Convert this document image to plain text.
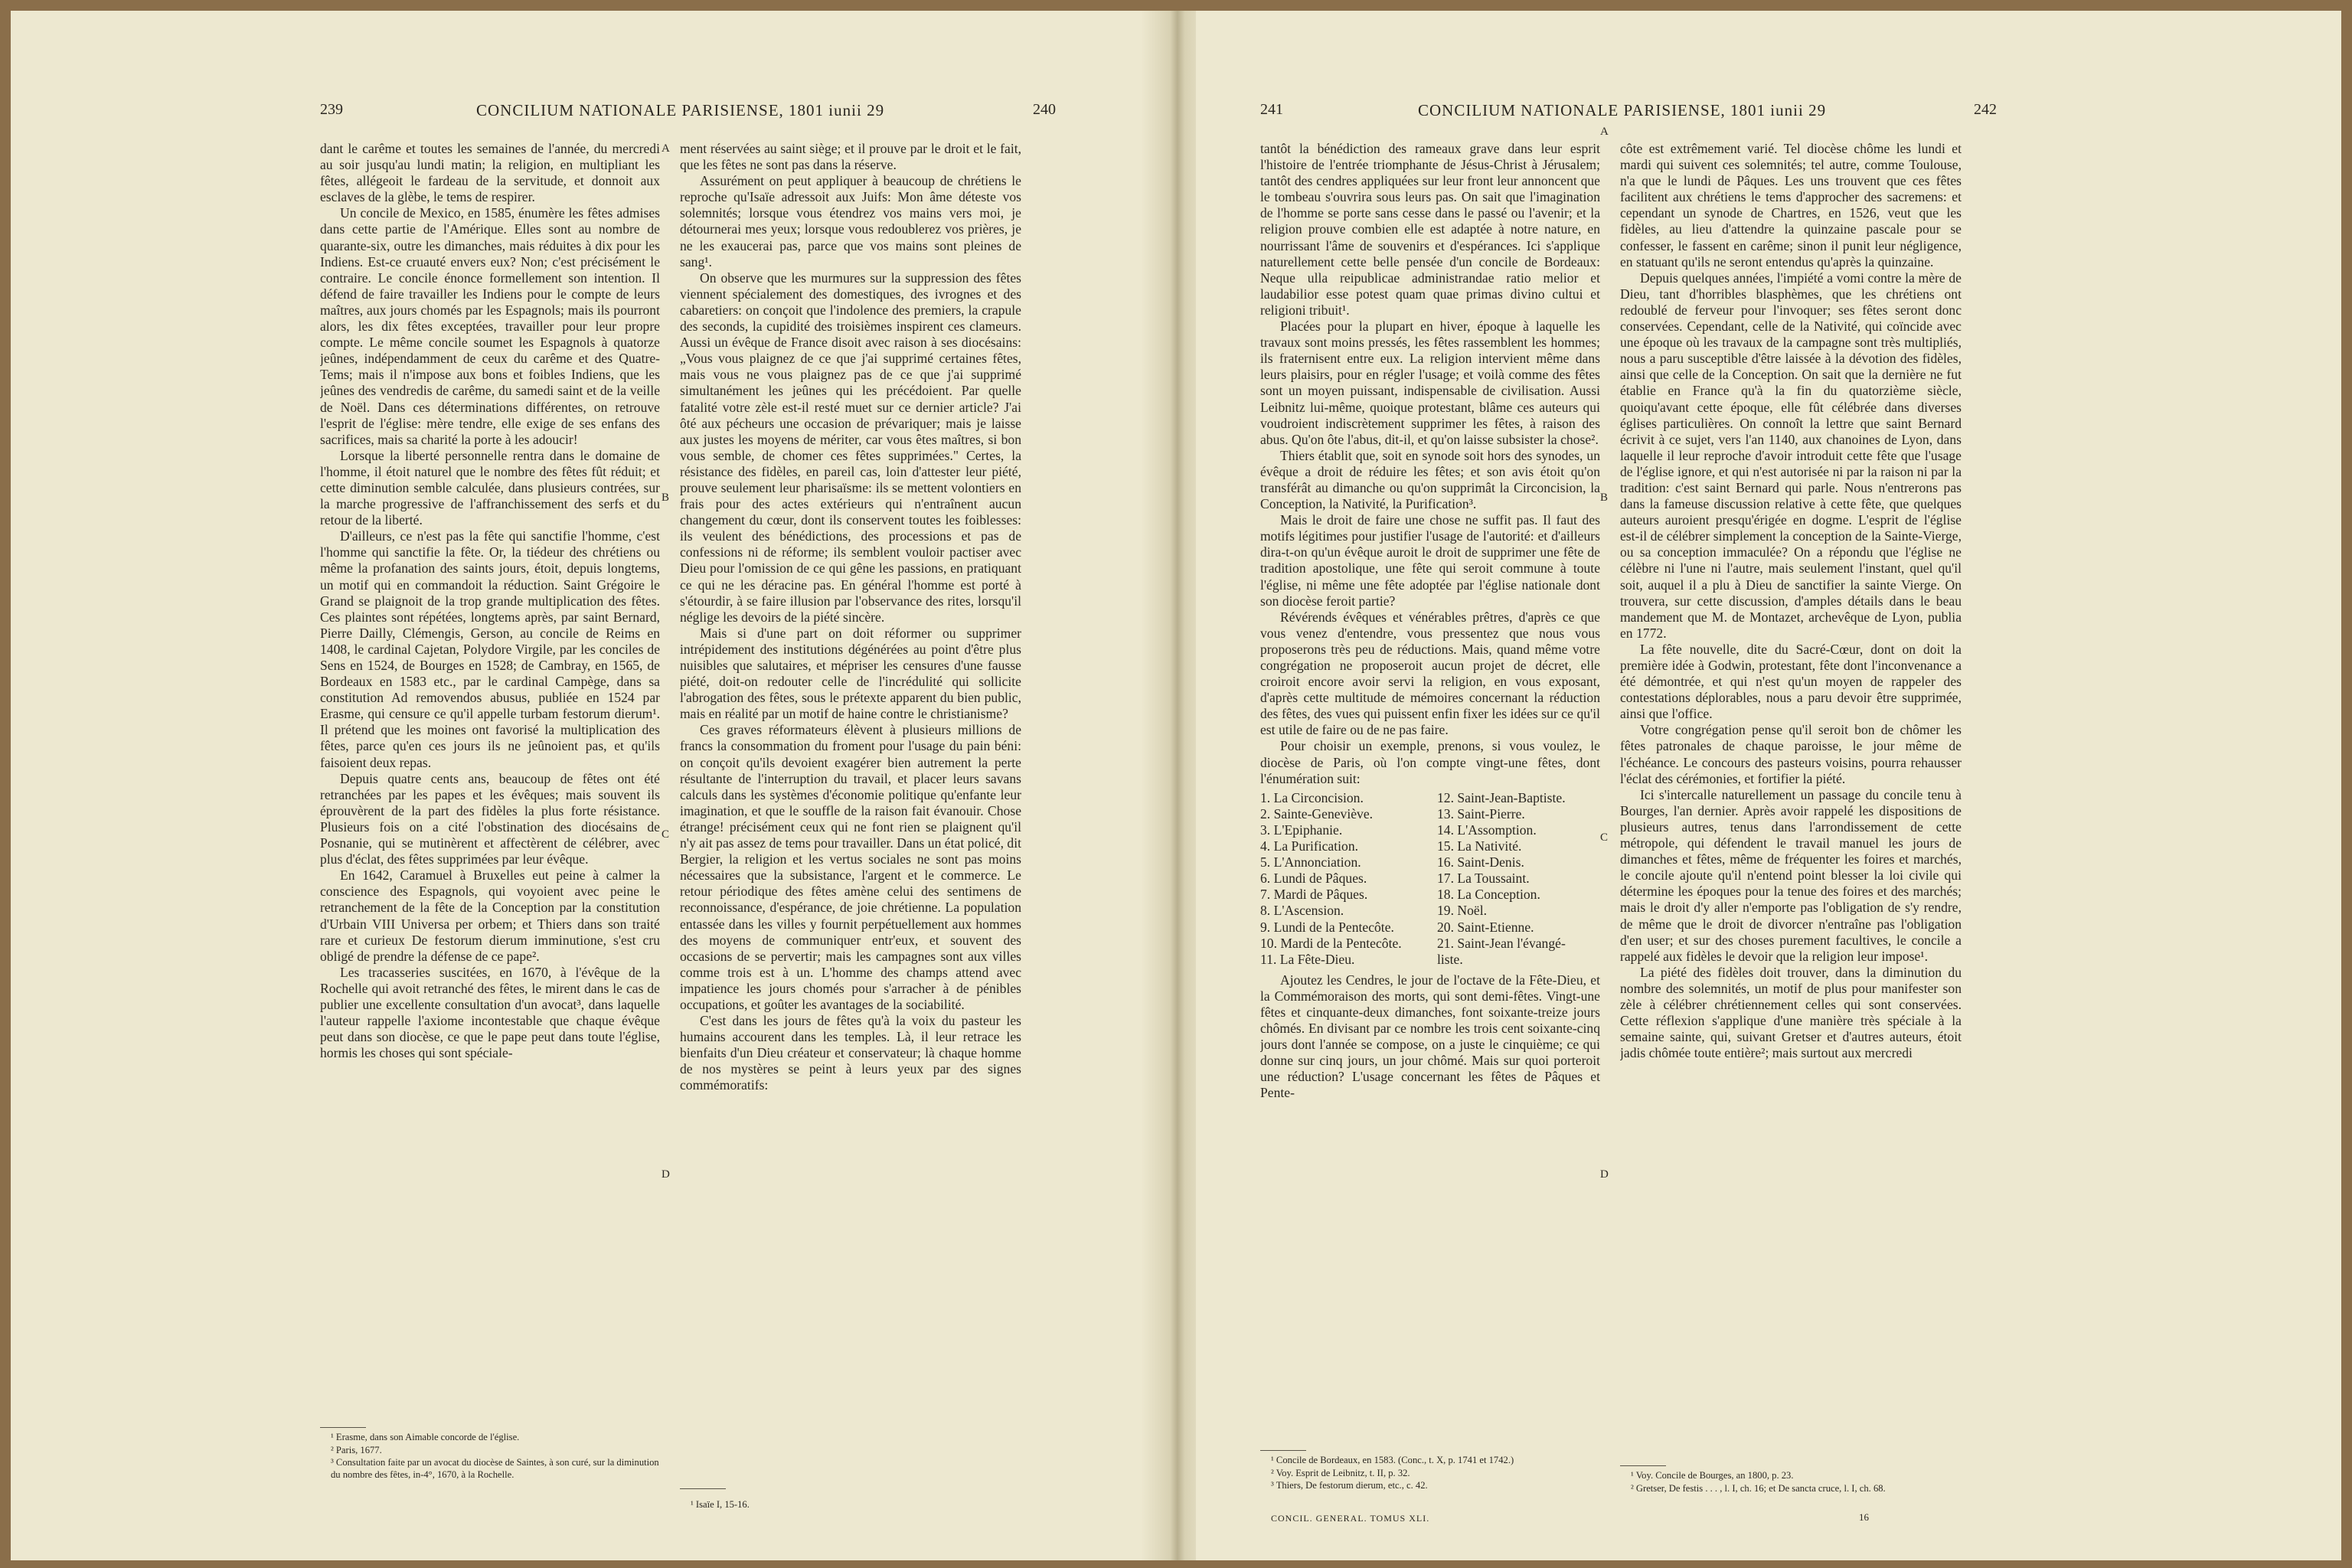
239	CONCILIUM NATIONALE PARISIENSE, 1801 iunii 29	240

dant le carême et toutes les semaines de l'année, du mercredi au soir jusqu'au lundi matin; la religion, en multipliant les fêtes, allégeoit le fardeau de la servitude, et donnoit aux esclaves de la glèbe, le tems de respirer.

Un concile de Mexico, en 1585, énumère les fêtes admises dans cette partie de l'Amérique. Elles sont au nombre de quarante-six, outre les dimanches, mais réduites à dix pour les Indiens. Est-ce cruauté envers eux? Non; c'est précisément le contraire. Le concile énonce formellement son intention. Il défend de faire travailler les Indiens pour le compte de leurs maîtres, aux jours chomés par les Espagnols; mais ils pourront alors, les dix fêtes exceptées, travailler pour leur propre compte. Le même concile soumet les Espagnols à quatorze jeûnes, indépendamment de ceux du carême et des Quatre-Tems; mais il n'impose aux bons et foibles Indiens, que les jeûnes des vendredis de carême, du samedi saint et de la veille de Noël. Dans ces déterminations différentes, on retrouve l'esprit de l'église: mère tendre, elle exige de ses enfans des sacrifices, mais sa charité la porte à les adoucir!

Lorsque la liberté personnelle rentra dans le domaine de l'homme, il étoit naturel que le nombre des fêtes fût réduit; et cette diminution semble calculée, dans plusieurs contrées, sur la marche progressive de l'affranchissement des serfs et du retour de la liberté.

D'ailleurs, ce n'est pas la fête qui sanctifie l'homme, c'est l'homme qui sanctifie la fête. Or, la tiédeur des chrétiens ou même la profanation des saints jours, étoit, depuis longtems, un motif qui en commandoit la réduction. Saint Grégoire le Grand se plaignoit de la trop grande multiplication des fêtes. Ces plaintes sont répétées, longtems après, par saint Bernard, Pierre Dailly, Clémengis, Gerson, au concile de Reims en 1408, le cardinal Cajetan, Polydore Virgile, par les conciles de Sens en 1524, de Bourges en 1528; de Cambray, en 1565, de Bordeaux en 1583 etc., par le cardinal Campège, dans sa constitution Ad removendos abusus, publiée en 1524 par Erasme, qui censure ce qu'il appelle turbam festorum dierum¹. Il prétend que les moines ont favorisé la multiplication des fêtes, parce qu'en ces jours ils ne jeûnoient pas, et qu'ils faisoient deux repas.

Depuis quatre cents ans, beaucoup de fêtes ont été retranchées par les papes et les évêques; mais souvent ils éprouvèrent de la part des fidèles la plus forte résistance. Plusieurs fois on a cité l'obstination des diocésains de Posnanie, qui se mutinèrent et affectèrent de célébrer, avec plus d'éclat, des fêtes supprimées par leur évêque.

En 1642, Caramuel à Bruxelles eut peine à calmer la conscience des Espagnols, qui voyoient avec peine le retranchement de la fête de la Conception par la constitution d'Urbain VIII Universa per orbem; et Thiers dans son traité rare et curieux De festorum dierum imminutione, s'est cru obligé de prendre la défense de ce pape².

Les tracasseries suscitées, en 1670, à l'évêque de la Rochelle qui avoit retranché des fêtes, le mirent dans le cas de publier une excellente consultation d'un avocat³, dans laquelle l'auteur rappelle l'axiome incontestable que chaque évêque peut dans son diocèse, ce que le pape peut dans toute l'église, hormis les choses qui sont spéciale-

A
B
C
D

ment réservées au saint siège; et il prouve par le droit et le fait, que les fêtes ne sont pas dans la réserve.

Assurément on peut appliquer à beaucoup de chrétiens le reproche qu'Isaïe adressoit aux Juifs: Mon âme déteste vos solemnités; lorsque vous étendrez vos mains vers moi, je détournerai mes yeux; lorsque vous redoublerez vos prières, je ne les exaucerai pas, parce que vos mains sont pleines de sang¹.

On observe que les murmures sur la suppression des fêtes viennent spécialement des domestiques, des ivrognes et des cabaretiers: on conçoit que l'indolence des premiers, la crapule des seconds, la cupidité des troisièmes inspirent ces clameurs. Aussi un évêque de France disoit avec raison à ses diocésains: „Vous vous plaignez de ce que j'ai supprimé certaines fêtes, mais vous ne vous plaignez pas de ce que j'ai supprimé simultanément les jeûnes qui les précédoient. Par quelle fatalité votre zèle est-il resté muet sur ce dernier article? J'ai ôté aux pécheurs une occasion de prévariquer; mais je laisse aux justes les moyens de mériter, car vous êtes maîtres, si bon vous semble, de chomer ces fêtes supprimées." Certes, la résistance des fidèles, en pareil cas, loin d'attester leur piété, prouve seulement leur pharisaïsme: ils se mettent volontiers en frais pour des actes extérieurs qui n'entraînent aucun changement du cœur, dont ils conservent toutes les foiblesses: ils veulent des bénédictions, des processions et pas de confessions ni de réforme; ils semblent vouloir pactiser avec Dieu pour l'omission de ce qui gêne les passions, en pratiquant ce qui ne les déracine pas. En général l'homme est porté à s'étourdir, à se faire illusion par l'observance des rites, lorsqu'il néglige les devoirs de la piété sincère.

Mais si d'une part on doit réformer ou supprimer intrépidement des institutions dégénérées au point d'être plus nuisibles que salutaires, et mépriser les censures d'une fausse piété, doit-on redouter celle de l'incrédulité qui sollicite l'abrogation des fêtes, sous le prétexte apparent du bien public, mais en réalité par un motif de haine contre le christianisme?

Ces graves réformateurs élèvent à plusieurs millions de francs la consommation du froment pour l'usage du pain béni: on conçoit qu'ils devoient exagérer bien autrement la perte résultante de l'interruption du travail, et placer leurs savans calculs dans les systèmes d'économie politique qu'enfante leur imagination, et que le souffle de la raison fait évanouir. Chose étrange! précisément ceux qui ne font rien se plaignent qu'il n'y ait pas assez de tems pour travailler. Dans un état policé, dit Bergier, la religion et les vertus sociales ne sont pas moins nécessaires que la subsistance, l'argent et le commerce. Le retour périodique des fêtes amène celui des sentimens de reconnoissance, d'espérance, de joie chrétienne. La population entassée dans les villes y fournit perpétuellement aux hommes des moyens de communiquer entr'eux, et souvent des occasions de se pervertir; mais les campagnes sont aux villes comme trois est à un. L'homme des champs attend avec impatience les jours chomés pour s'arracher à de pénibles occupations, et goûter les avantages de la sociabilité.

C'est dans les jours de fêtes qu'à la voix du pasteur les humains accourent dans les temples. Là, il leur retrace les bienfaits d'un Dieu créateur et conservateur; là chaque homme de nos mystères se peint à leurs yeux par des signes commémoratifs:

¹ Erasme, dans son Aimable concorde de l'église.

² Paris, 1677.

³ Consultation faite par un avocat du diocèse de Saintes, à son curé, sur la diminution du nombre des fêtes, in-4°, 1670, à la Rochelle.

¹ Isaïe I, 15-16.

241	CONCILIUM NATIONALE PARISIENSE, 1801 iunii 29	242

tantôt la bénédiction des rameaux grave dans leur esprit l'histoire de l'entrée triomphante de Jésus-Christ à Jérusalem; tantôt des cendres appliquées sur leur front leur annoncent que le tombeau s'ouvrira sous leurs pas. On sait que l'imagination de l'homme se porte sans cesse dans le passé ou l'avenir; et la religion prouve combien elle est adaptée à notre nature, en nourrissant l'âme de souvenirs et d'espérances. Ici s'applique naturellement cette belle pensée d'un concile de Bordeaux: Neque ulla reipublicae administrandae ratio melior et laudabilior esse potest quam quae primas divino cultui et religioni tribuit¹.

Placées pour la plupart en hiver, époque à laquelle les travaux sont moins pressés, les fêtes rassemblent les hommes; ils fraternisent entre eux. La religion intervient même dans leurs plaisirs, pour en régler l'usage; et voilà comme des fêtes sont un moyen puissant, indispensable de civilisation. Aussi Leibnitz lui-même, quoique protestant, blâme ces auteurs qui voudroient indiscrètement supprimer les fêtes, à raison des abus. Qu'on ôte l'abus, dit-il, et qu'on laisse subsister la chose².

Thiers établit que, soit en synode soit hors des synodes, un évêque a droit de réduire les fêtes; et son avis étoit qu'on transférât au dimanche ou qu'on supprimât la Circoncision, la Conception, la Nativité, la Purification³.

Mais le droit de faire une chose ne suffit pas. Il faut des motifs légitimes pour justifier l'usage de l'autorité: et d'ailleurs dira-t-on qu'un évêque auroit le droit de supprimer une fête de tradition apostolique, une fête qui seroit commune à toute l'église, ni même une fête adoptée par l'église nationale dont son diocèse feroit partie?

Révérends évêques et vénérables prêtres, d'après ce que vous venez d'entendre, vous pressentez que nous vous proposerons très peu de réductions. Mais, quand même votre congrégation ne proposeroit aucun projet de décret, elle croiroit encore avoir servi la religion, en vous exposant, d'après cette multitude de mémoires concernant la réduction des fêtes, des vues qui puissent enfin fixer les idées sur ce qu'il est utile de faire ou de ne pas faire.

Pour choisir un exemple, prenons, si vous voulez, le diocèse de Paris, où l'on compte vingt-une fêtes, dont l'énumération suit:

1. La Circoncision.	12. Saint-Jean-Baptiste.
2. Sainte-Geneviève.	13. Saint-Pierre.
3. L'Epiphanie.	14. L'Assomption.
4. La Purification.	15. La Nativité.
5. L'Annonciation.	16. Saint-Denis.
6. Lundi de Pâques.	17. La Toussaint.
7. Mardi de Pâques.	18. La Conception.
8. L'Ascension.	19. Noël.
9. Lundi de la Pentecôte.	20. Saint-Etienne.
10. Mardi de la Pentecôte.	21. Saint-Jean l'évangé-
11. La Fête-Dieu.	liste.

Ajoutez les Cendres, le jour de l'octave de la Fête-Dieu, et la Commémoraison des morts, qui sont demi-fêtes. Vingt-une fêtes et cinquante-deux dimanches, font soixante-treize jours chômés. En divisant par ce nombre les trois cent soixante-cinq jours dont l'année se compose, on a juste le cinquième; ce qui donne sur cinq jours, un jour chômé. Mais sur quoi porteroit une réduction? L'usage concernant les fêtes de Pâques et Pente-

A
B
C
D

côte est extrêmement varié. Tel diocèse chôme les lundi et mardi qui suivent ces solemnités; tel autre, comme Toulouse, n'a que le lundi de Pâques. Les uns trouvent que ces fêtes facilitent aux chrétiens le tems d'approcher des sacremens: et cependant un synode de Chartres, en 1526, veut que les fidèles, au lieu d'attendre la quinzaine pascale pour se confesser, le fassent en carême; sinon il punit leur négligence, en statuant qu'ils ne seront entendus qu'après la quinzaine.

Depuis quelques années, l'impiété a vomi contre la mère de Dieu, tant d'horribles blasphèmes, que les chrétiens ont redoublé de ferveur pour l'invoquer; ses fêtes seront donc conservées. Cependant, celle de la Nativité, qui coïncide avec une époque où les travaux de la campagne sont très multipliés, nous a paru susceptible d'être laissée à la dévotion des fidèles, ainsi que celle de la Conception. On sait que la dernière ne fut établie en France qu'à la fin du quatorzième siècle, quoiqu'avant cette époque, elle fût célébrée dans diverses églises particulières. On connoît la lettre que saint Bernard écrivit à ce sujet, vers l'an 1140, aux chanoines de Lyon, dans laquelle il leur reproche d'avoir introduit cette fête que l'usage de l'église ignore, et qui n'est autorisée ni par la raison ni par la tradition: c'est saint Bernard qui parle. Nous n'entrerons pas dans la fameuse discussion relative à cette fête, que quelques auteurs auroient presqu'érigée en dogme. L'esprit de l'église est-il de célébrer simplement la conception de la Sainte-Vierge, ou sa conception immaculée? On a répondu que l'église ne célèbre ni l'une ni l'autre, mais seulement l'instant, quel qu'il soit, auquel il a plu à Dieu de sanctifier la sainte Vierge. On trouvera, sur cette discussion, d'amples détails dans le beau mandement que M. de Montazet, archevêque de Lyon, publia en 1772.

La fête nouvelle, dite du Sacré-Cœur, dont on doit la première idée à Godwin, protestant, fête dont l'inconvenance a été démontrée, et qui n'est qu'un moyen de rappeler des contestations déplorables, nous a paru devoir être supprimée, ainsi que l'office.

Votre congrégation pense qu'il seroit bon de chômer les fêtes patronales de chaque paroisse, le jour même de l'échéance. Le concours des pasteurs voisins, pourra rehausser l'éclat des cérémonies, et fortifier la piété.

Ici s'intercalle naturellement un passage du concile tenu à Bourges, l'an dernier. Après avoir rappelé les dispositions de plusieurs autres, tenus dans l'arrondissement de cette métropole, qui défendent le travail manuel les jours de dimanches et fêtes, même de fréquenter les foires et marchés, le concile ajoute qu'il n'entend point blesser la loi civile qui détermine les époques pour la tenue des foires et des marchés; mais le droit d'y aller n'emporte pas l'obligation de s'y rendre, de même que le droit de divorcer n'entraîne pas l'obligation d'en user; et sur des choses purement facultives, le concile a rappelé aux fidèles le devoir que la religion leur impose¹.

La piété des fidèles doit trouver, dans la diminution du nombre des solemnités, un motif de plus pour manifester son zèle à célébrer chrétiennement celles qui sont conservées. Cette réflexion s'applique d'une manière très spéciale à la semaine sainte, qui, suivant Gretser et d'autres auteurs, étoit jadis chômée toute entière²; mais surtout aux mercredi

¹ Concile de Bordeaux, en 1583. (Conc., t. X, p. 1741 et 1742.)

² Voy. Esprit de Leibnitz, t. II, p. 32.

³ Thiers, De festorum dierum, etc., c. 42.

CONCIL. GENERAL. TOMUS XLI.

¹ Voy. Concile de Bourges, an 1800, p. 23.

² Gretser, De festis . . . , l. I, ch. 16; et De sancta cruce, l. I, ch. 68.

16
